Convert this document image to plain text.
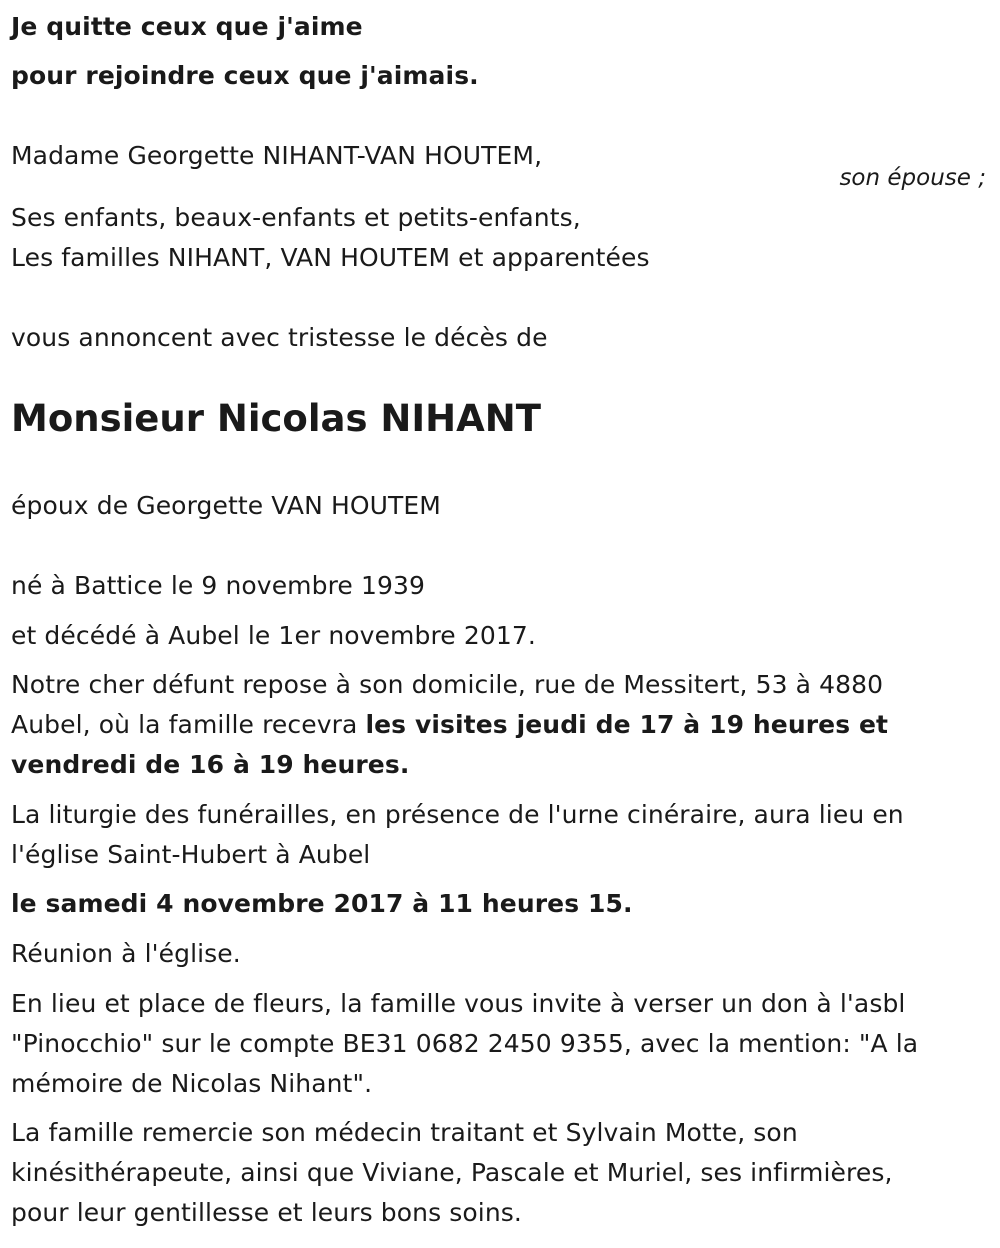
Je quitte ceux que j'aime
pour rejoindre ceux que j'aimais.
Madame Georgette NIHANT-VAN HOUTEM,
son épouse ;
Ses enfants, beaux-enfants et petits-enfants,
Les familles NIHANT, VAN HOUTEM et apparentées
vous annoncent avec tristesse le décès de
Monsieur Nicolas NIHANT
époux de Georgette VAN HOUTEM
né à Battice le 9 novembre 1939
et décédé à Aubel le 1er novembre 2017.
Notre cher défunt repose à son domicile, rue de Messitert, 53 à 4880
Aubel, où la famille recevra les visites jeudi de 17 à 19 heures et
vendredi de 16 à 19 heures.
La liturgie des funérailles, en présence de l'urne cinéraire, aura lieu en
l'église Saint-Hubert à Aubel
le samedi 4 novembre 2017 à 11 heures 15.
Réunion à l'église.
En lieu et place de fleurs, la famille vous invite à verser un don à l'asbl
"Pinocchio" sur le compte BE31 0682 2450 9355, avec la mention: "A la
mémoire de Nicolas Nihant".
La famille remercie son médecin traitant et Sylvain Motte, son
kinésithérapeute, ainsi que Viviane, Pascale et Muriel, ses infirmières,
pour leur gentillesse et leurs bons soins.
